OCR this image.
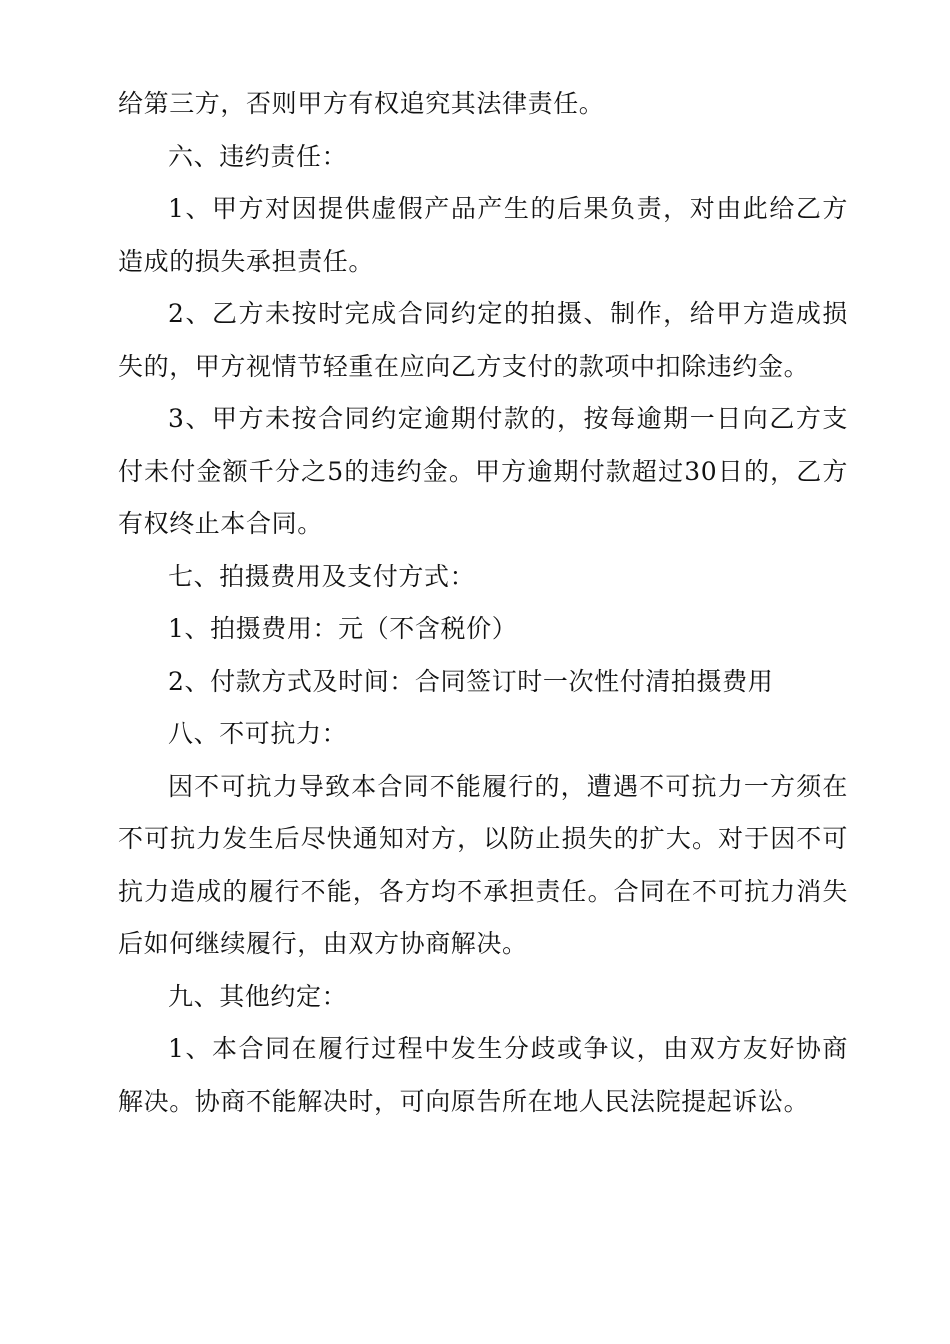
给第三方，否则甲方有权追究其法律责任。

六、违约责任：

1、甲方对因提供虚假产品产生的后果负责，对由此给乙方造成的损失承担责任。

2、乙方未按时完成合同约定的拍摄、制作，给甲方造成损失的，甲方视情节轻重在应向乙方支付的款项中扣除违约金。

3、甲方未按合同约定逾期付款的，按每逾期一日向乙方支付未付金额千分之5的违约金。甲方逾期付款超过30日的，乙方有权终止本合同。

七、拍摄费用及支付方式：

1、拍摄费用：元（不含税价）

2、付款方式及时间：合同签订时一次性付清拍摄费用

八、不可抗力：

因不可抗力导致本合同不能履行的，遭遇不可抗力一方须在不可抗力发生后尽快通知对方，以防止损失的扩大。对于因不可抗力造成的履行不能，各方均不承担责任。合同在不可抗力消失后如何继续履行，由双方协商解决。

九、其他约定：

1、本合同在履行过程中发生分歧或争议，由双方友好协商解决。协商不能解决时，可向原告所在地人民法院提起诉讼。
